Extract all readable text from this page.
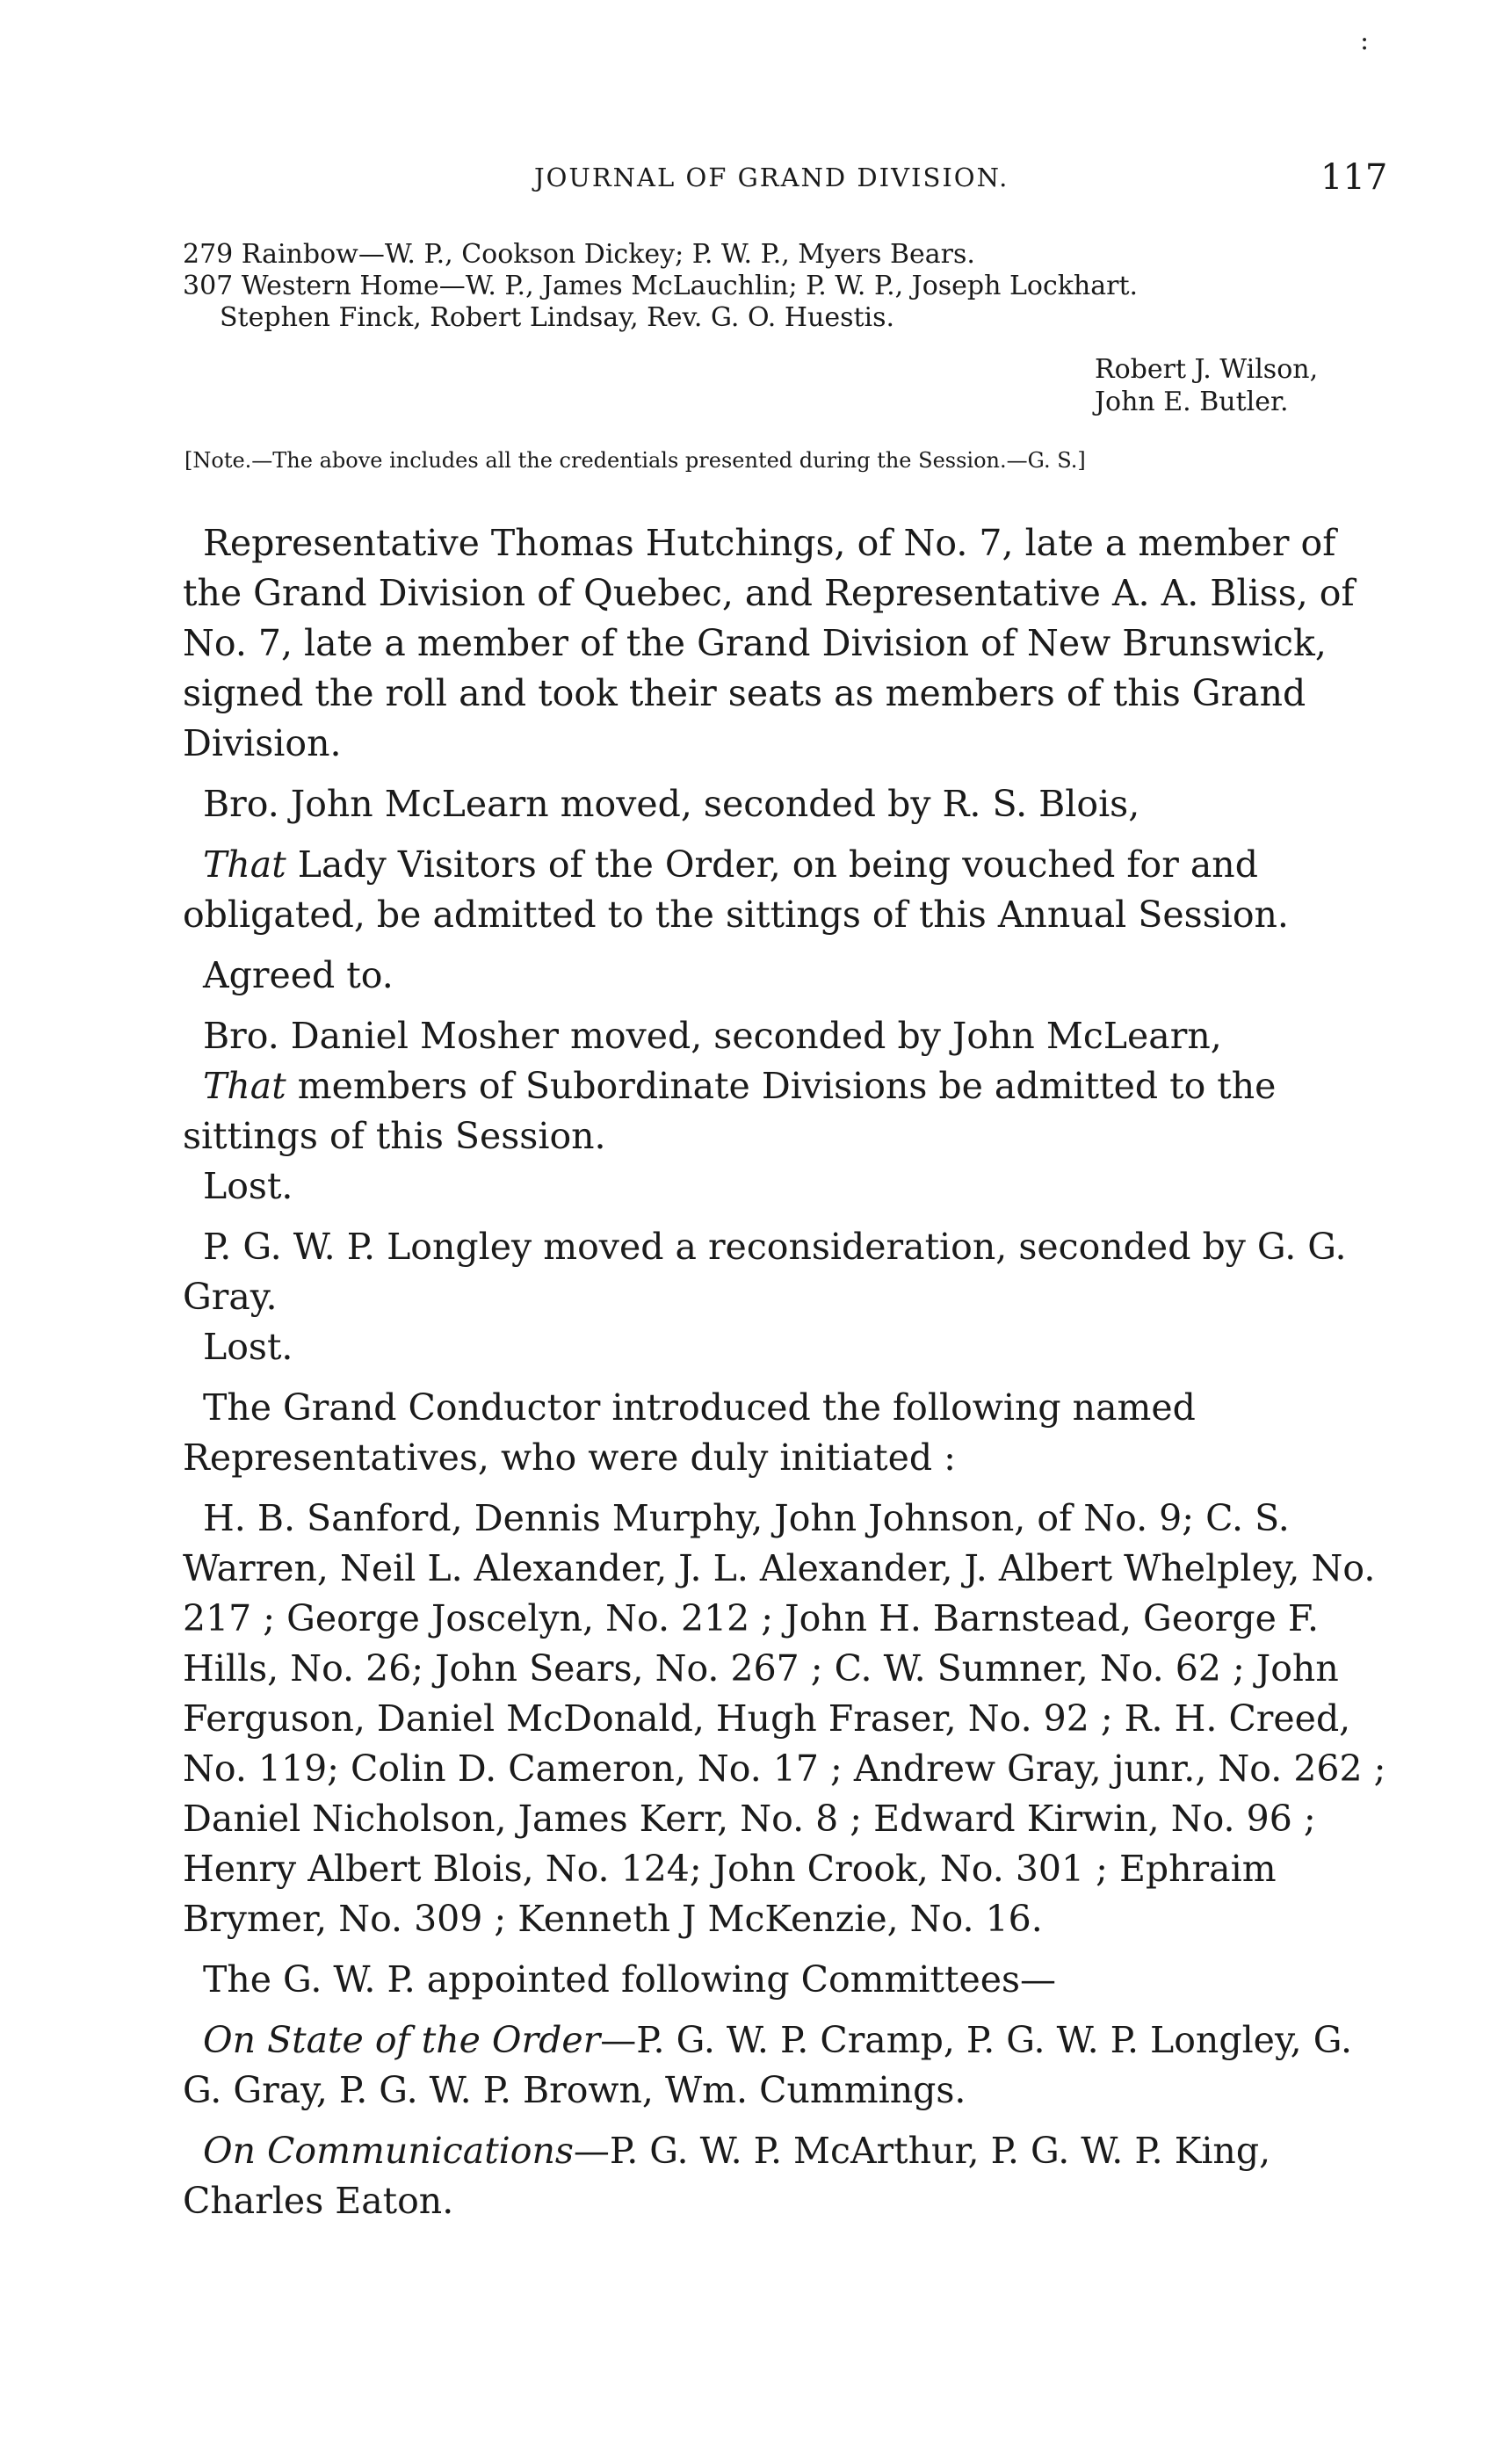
:
JOURNAL OF GRAND DIVISION.	117
279 Rainbow—W. P., Cookson Dickey; P. W. P., Myers Bears.
307 Western Home—W. P., James McLauchlin; P. W. P., Joseph Lockhart.
Stephen Finck, Robert Lindsay, Rev. G. O. Huestis.
Robert J. Wilson,
John E. Butler.
[Note.—The above includes all the credentials presented during the Session.—G. S.]

Representative Thomas Hutchings, of No. 7, late a member of the Grand Division of Quebec, and Representative A. A. Bliss, of No. 7, late a member of the Grand Division of New Brunswick, signed the roll and took their seats as members of this Grand Division.

Bro. John McLearn moved, seconded by R. S. Blois,

That Lady Visitors of the Order, on being vouched for and obligated, be admitted to the sittings of this Annual Session.

Agreed to.

Bro. Daniel Mosher moved, seconded by John McLearn,

That members of Subordinate Divisions be admitted to the sittings of this Session.

Lost.

P. G. W. P. Longley moved a reconsideration, seconded by G. G. Gray.

Lost.

The Grand Conductor introduced the following named Representatives, who were duly initiated :

H. B. Sanford, Dennis Murphy, John Johnson, of No. 9; C. S. Warren, Neil L. Alexander, J. L. Alexander, J. Albert Whelpley, No. 217 ; George Joscelyn, No. 212 ; John H. Barnstead, George F. Hills, No. 26; John Sears, No. 267 ; C. W. Sumner, No. 62 ; John Ferguson, Daniel McDonald, Hugh Fraser, No. 92 ; R. H. Creed, No. 119; Colin D. Cameron, No. 17 ; Andrew Gray, junr., No. 262 ; Daniel Nicholson, James Kerr, No. 8 ; Edward Kirwin, No. 96 ; Henry Albert Blois, No. 124; John Crook, No. 301 ; Ephraim Brymer, No. 309 ; Kenneth J McKenzie, No. 16.

The G. W. P. appointed following Committees—

On State of the Order—P. G. W. P. Cramp, P. G. W. P. Longley, G. G. Gray, P. G. W. P. Brown, Wm. Cummings.

On Communications—P. G. W. P. McArthur, P. G. W. P. King, Charles Eaton.
